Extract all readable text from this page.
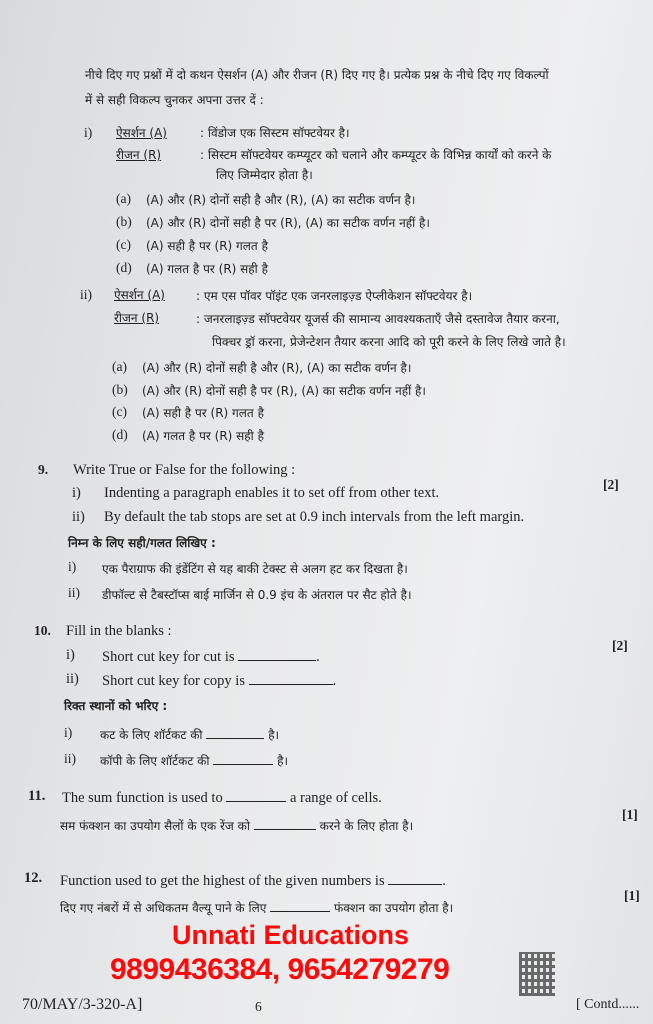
नीचे दिए गए प्रश्नों में दो कथन ऐसर्शन (A) और रीजन (R) दिए गए है। प्रत्येक प्रश्न के नीचे दिए गए विकल्पों
में से सही विकल्प चुनकर अपना उत्तर दें :
i) ऐसर्शन (A)	: विंडोज एक सिस्टम सॉफ्टवेयर है।
रीजन (R)	: सिस्टम सॉफ्टवेयर कम्प्यूटर को चलाने और कम्प्यूटर के विभिन्न कार्यों को करने के
लिए जिम्मेदार होता है।
(a) (A) और (R) दोनों सही है और (R), (A) का सटीक वर्णन है।
(b) (A) और (R) दोनों सही है पर (R), (A) का सटीक वर्णन नहीं है।
(c) (A) सही है पर (R) गलत है
(d) (A) गलत है पर (R) सही है
ii) ऐसर्शन (A)	: एम एस पॉवर पॉइंट एक जनरलाइज़्ड ऐप्लीकेशन सॉफ्टवेयर है।
रीजन (R)	: जनरलाइज़्ड सॉफ्टवेयर यूजर्स की सामान्य आवश्यकताएँ जैसे दस्तावेज तैयार करना,
पिक्चर ड्रॉ करना, प्रेजेन्टेशन तैयार करना आदि को पूरी करने के लिए लिखे जाते है।
(a) (A) और (R) दोनों सही है और (R), (A) का सटीक वर्णन है।
(b) (A) और (R) दोनों सही है पर (R), (A) का सटीक वर्णन नहीं है।
(c) (A) सही है पर (R) गलत है
(d) (A) गलत है पर (R) सही है
9. Write True or False for the following :
[2]
i) Indenting a paragraph enables it to set off from other text.
ii) By default the tab stops are set at 0.9 inch intervals from the left margin.
निम्न के लिए सही/गलत लिखिए :
i) एक पैराग्राफ की इंडेंटिंग से यह बाकी टेक्स्ट से अलग हट कर दिखता है।
ii) डीफॉल्ट से टैबस्टॉप्स बाई मार्जिन से 0.9 इंच के अंतराल पर सैट होते है।
10. Fill in the blanks :
[2]
i) Short cut key for cut is	.
ii) Short cut key for copy is	.
रिक्त स्थानों को भरिए :
i) कट के लिए शॉर्टकट की	है।
ii) कॉपी के लिए शॉर्टकट की	है।
11. The sum function is used to	a range of cells.
[1]
सम फंक्शन का उपयोग सैलों के एक रेंज को	करने के लिए होता है।
12. Function used to get the highest of the given numbers is	.
[1]
दिए गए नंबरों में से अधिकतम वैल्यू पाने के लिए	फंक्शन का उपयोग होता है।
Unnati Educations
9899436384, 9654279279
70/MAY/3-320-A]	6	[ Contd......
